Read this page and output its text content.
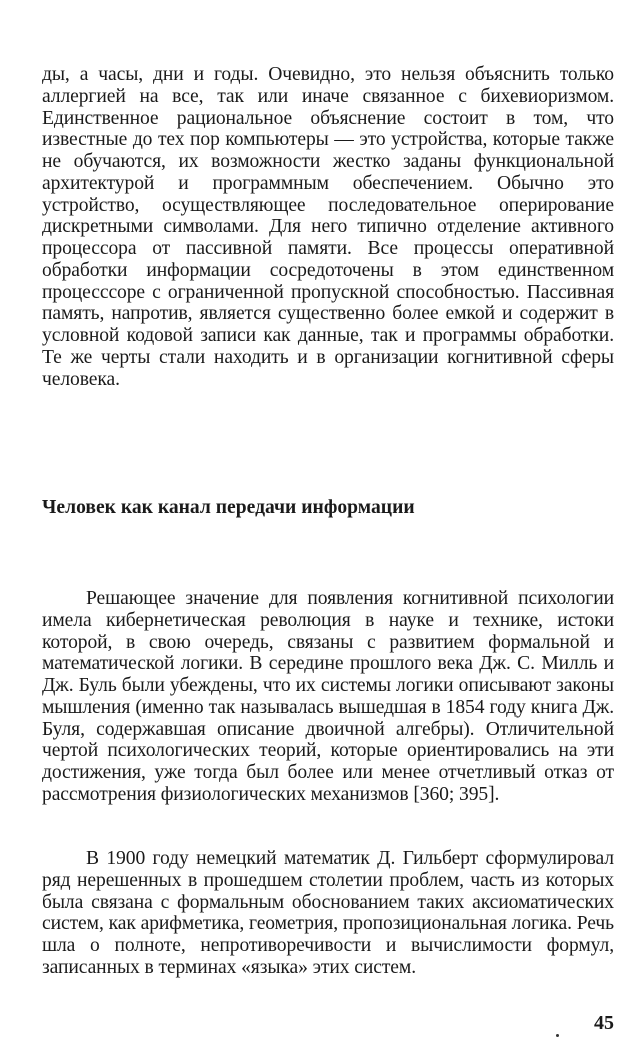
ды, а часы, дни и годы. Очевидно, это нельзя объяснить только аллергией на все, так или иначе связанное с бихевиоризмом. Единственное рациональное объяснение состоит в том, что известные до тех пор компьютеры — это устройства, которые также не обучаются, их возможности жестко заданы функциональной архитектурой и программным обеспечением. Обычно это устройство, осуществляющее последовательное оперирование дискретными символами. Для него типично отделение активного процессора от пассивной памяти. Все процессы оперативной обработки информации сосредоточены в этом единственном процесссоре с ограниченной пропускной способностью. Пассивная память, напротив, является существенно более емкой и содержит в условной кодовой записи как данные, так и программы обработки. Те же черты стали находить и в организации когнитивной сферы человека.

Человек как канал передачи информации

Решающее значение для появления когнитивной психологии имела кибернетическая революция в науке и технике, истоки которой, в свою очередь, связаны с развитием формальной и математической логики. В середине прошлого века Дж. С. Милль и Дж. Буль были убеждены, что их системы логики описывают законы мышления (именно так называлась вышедшая в 1854 году книга Дж. Буля, содержавшая описание двоичной алгебры). Отличительной чертой психологических теорий, которые ориентировались на эти достижения, уже тогда был более или менее отчетливый отказ от рассмотрения физиологических механизмов [360; 395].

В 1900 году немецкий математик Д. Гильберт сформулировал ряд нерешенных в прошедшем столетии проблем, часть из которых была связана с формальным обоснованием таких аксиоматических систем, как арифметика, геометрия, пропозициональная логика. Речь шла о полноте, непротиворечивости и вычислимости формул, записанных в терминах «языка» этих систем.

45
